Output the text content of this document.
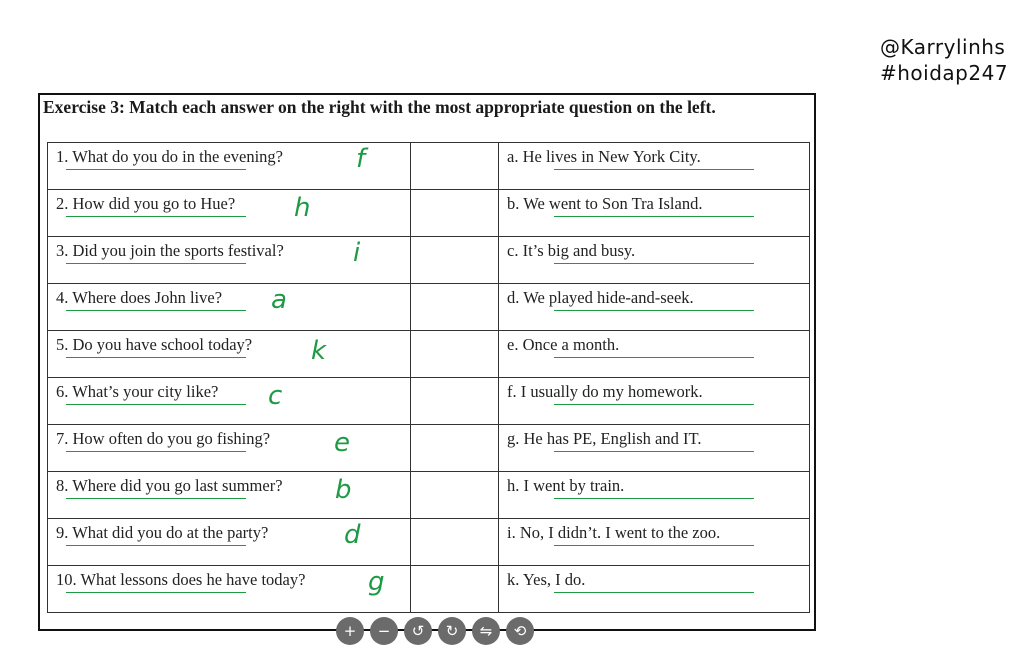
@Karrylinhs
#hoidap247
Exercise 3: Match each answer on the right with the most appropriate question on the left.
1. What do you do in the evening? f		a. He lives in New York City.

2. How did you go to Hue? h		b. We went to Son Tra Island.

3. Did you join the sports festival? i		c. It’s big and busy.

4. Where does John live? a		d. We played hide-and-seek.

5. Do you have school today? k		e. Once a month.

6. What’s your city like? c		f. I usually do my homework.

7. How often do you go fishing? e		g. He has PE, English and IT.

8. Where did you go last summer? b		h. I went by train.

9. What did you do at the party? d		i. No, I didn’t. I went to the zoo.

10. What lessons does he have today? g		k. Yes, I do.
+ − ↺ ↻ ⇋ ⟲
